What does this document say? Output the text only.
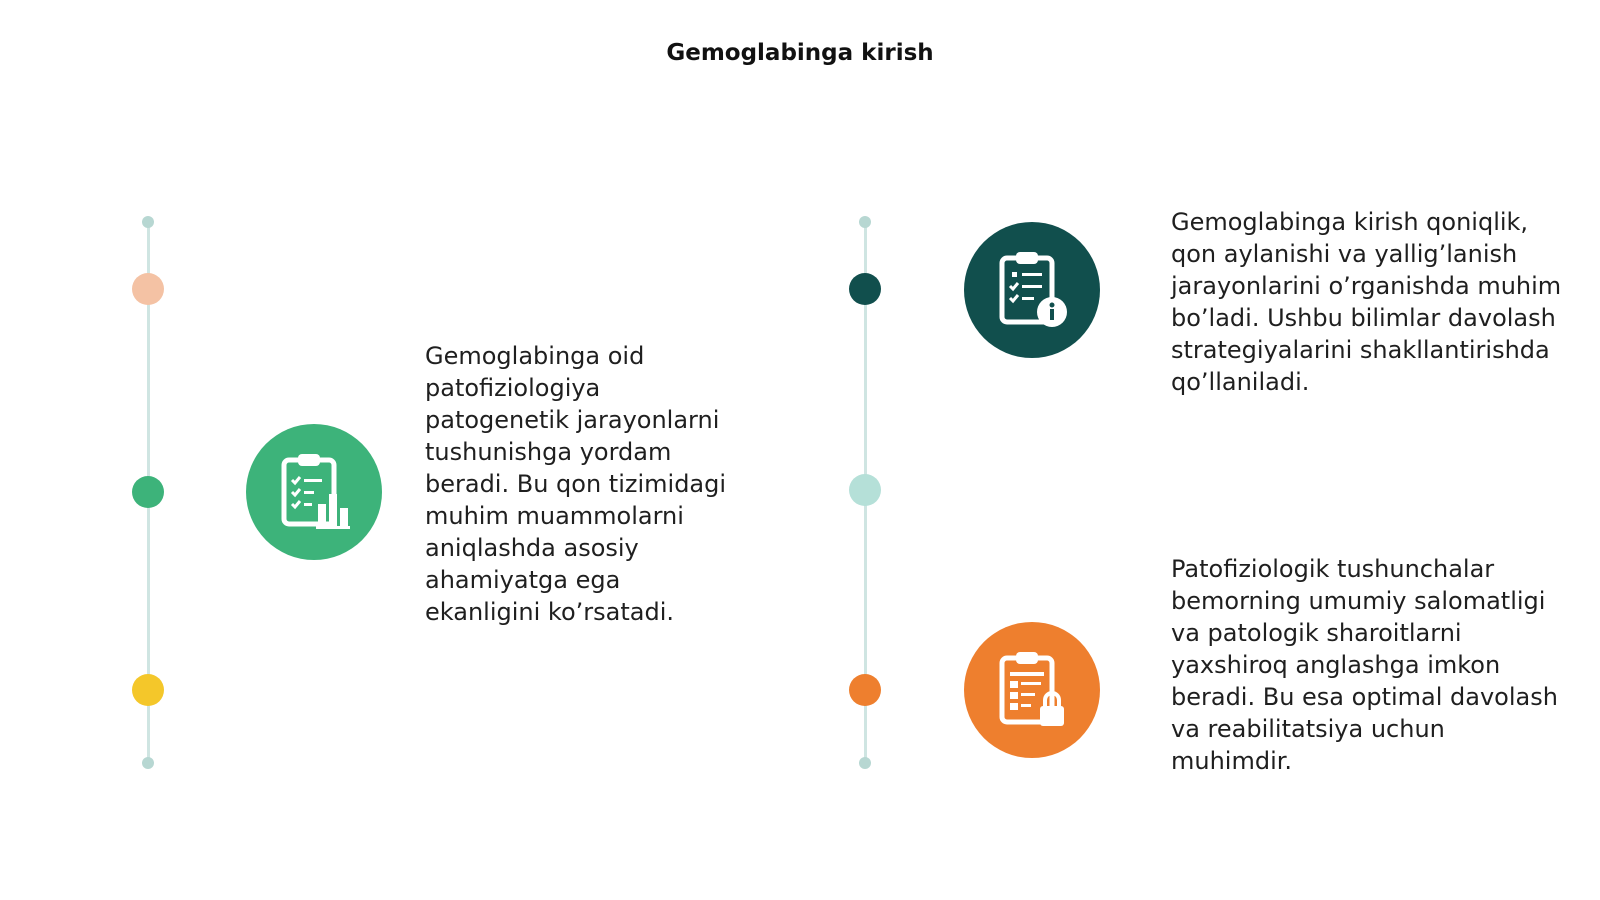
Gemoglabinga kirish

Gemoglabinga oid patofiziologiya patogenetik jarayonlarni tushunishga yordam beradi. Bu qon tizimidagi muhim muammolarni aniqlashda asosiy ahamiyatga ega ekanligini ko’rsatadi.

Gemoglabinga kirish qoniqlik, qon aylanishi va yallig’lanish jarayonlarini o’rganishda muhim bo’ladi. Ushbu bilimlar davolash strategiyalarini shakllantirishda qo’llaniladi.

Patofiziologik tushunchalar bemorning umumiy salomatligi va patologik sharoitlarni yaxshiroq anglashga imkon beradi. Bu esa optimal davolash va reabilitatsiya uchun muhimdir.
